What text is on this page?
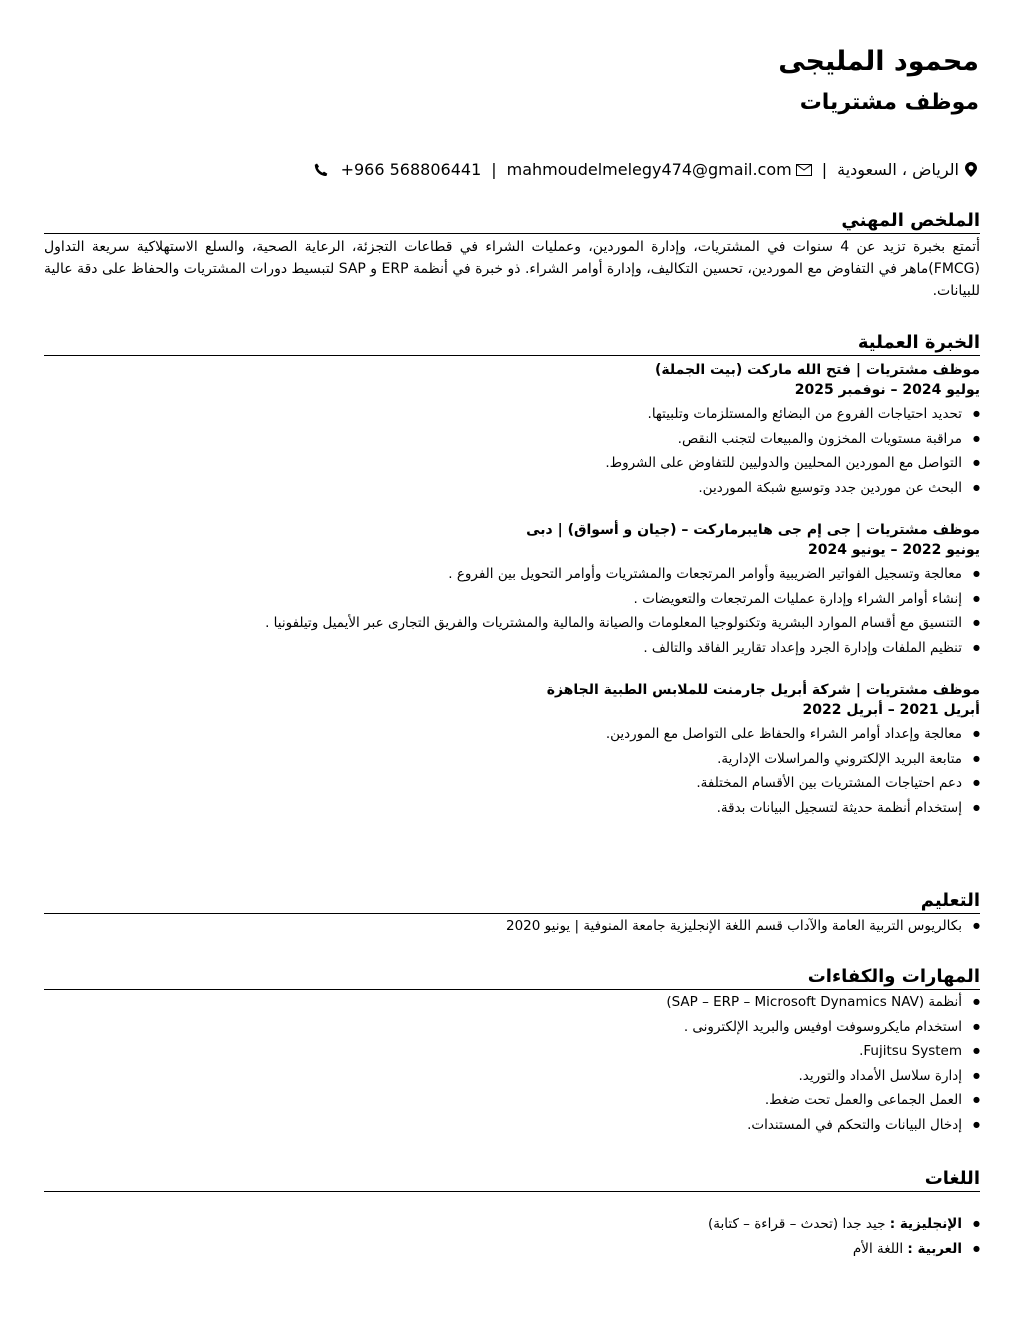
محمود المليجى
موظف مشتريات
الرياض ، السعودية
|
mahmoudelmelegy474@gmail.com
|
+966 568806441
الملخص المهني

أتمتع بخبرة تزيد عن 4 سنوات في المشتريات، وإدارة الموردين، وعمليات الشراء في قطاعات التجزئة، الرعاية الصحية، والسلع الاستهلاكية سريعة التداول (FMCG)ماهر في التفاوض مع الموردين، تحسين التكاليف، وإدارة أوامر الشراء. ذو خبرة في أنظمة ERP و SAP لتبسيط دورات المشتريات والحفاظ على دقة عالية للبيانات.

الخبرة العملية
موظف مشتريات | فتح الله ماركت (بيت الجملة)
يوليو 2024 – نوفمبر 2025
● تحديد احتياجات الفروع من البضائع والمستلزمات وتلبيتها.
● مراقبة مستويات المخزون والمبيعات لتجنب النقص.
● التواصل مع الموردين المحليين والدوليين للتفاوض على الشروط.
● البحث عن موردين جدد وتوسيع شبكة الموردين.
موظف مشتريات | جى إم جى هايبرماركت – (جيان و أسواق) | دبى
يونيو 2022 – يونيو 2024
● معالجة وتسجيل الفواتير الضريبية وأوامر المرتجعات والمشتريات وأوامر التحويل بين الفروع .
● إنشاء أوامر الشراء وإدارة عمليات المرتجعات والتعويضات .
● التنسيق مع أقسام الموارد البشرية وتكنولوجيا المعلومات والصيانة والمالية والمشتريات والفريق التجارى عبر الأيميل وتيلفونيا .
● تنظيم الملفات وإدارة الجرد وإعداد تقارير الفاقد والتالف .
موظف مشتريات | شركة أبريل جارمنت للملابس الطبية الجاهزة
أبريل 2021 – أبريل 2022
● معالجة وإعداد أوامر الشراء والحفاظ على التواصل مع الموردين.
● متابعة البريد الإلكتروني والمراسلات الإدارية.
● دعم احتياجات المشتريات بين الأقسام المختلفة.
● إستخدام أنظمة حديثة لتسجيل البيانات بدقة.
التعليم
● بكالريوس التربية العامة والآداب قسم اللغة الإنجليزية جامعة المنوفية | يونيو 2020
المهارات والكفاءات
● أنظمة (SAP – ERP – Microsoft Dynamics NAV)
● استخدام مايكروسوفت اوفيس والبريد الإلكترونى .
● Fujitsu System.
● إدارة سلاسل الأمداد والتوريد.
● العمل الجماعى والعمل تحت ضغط.
● إدخال البيانات والتحكم في المستندات.
اللغات
● الإنجليزية : جيد جدا (تحدث – قراءة – كتابة)
● العربية : اللغة الأم
